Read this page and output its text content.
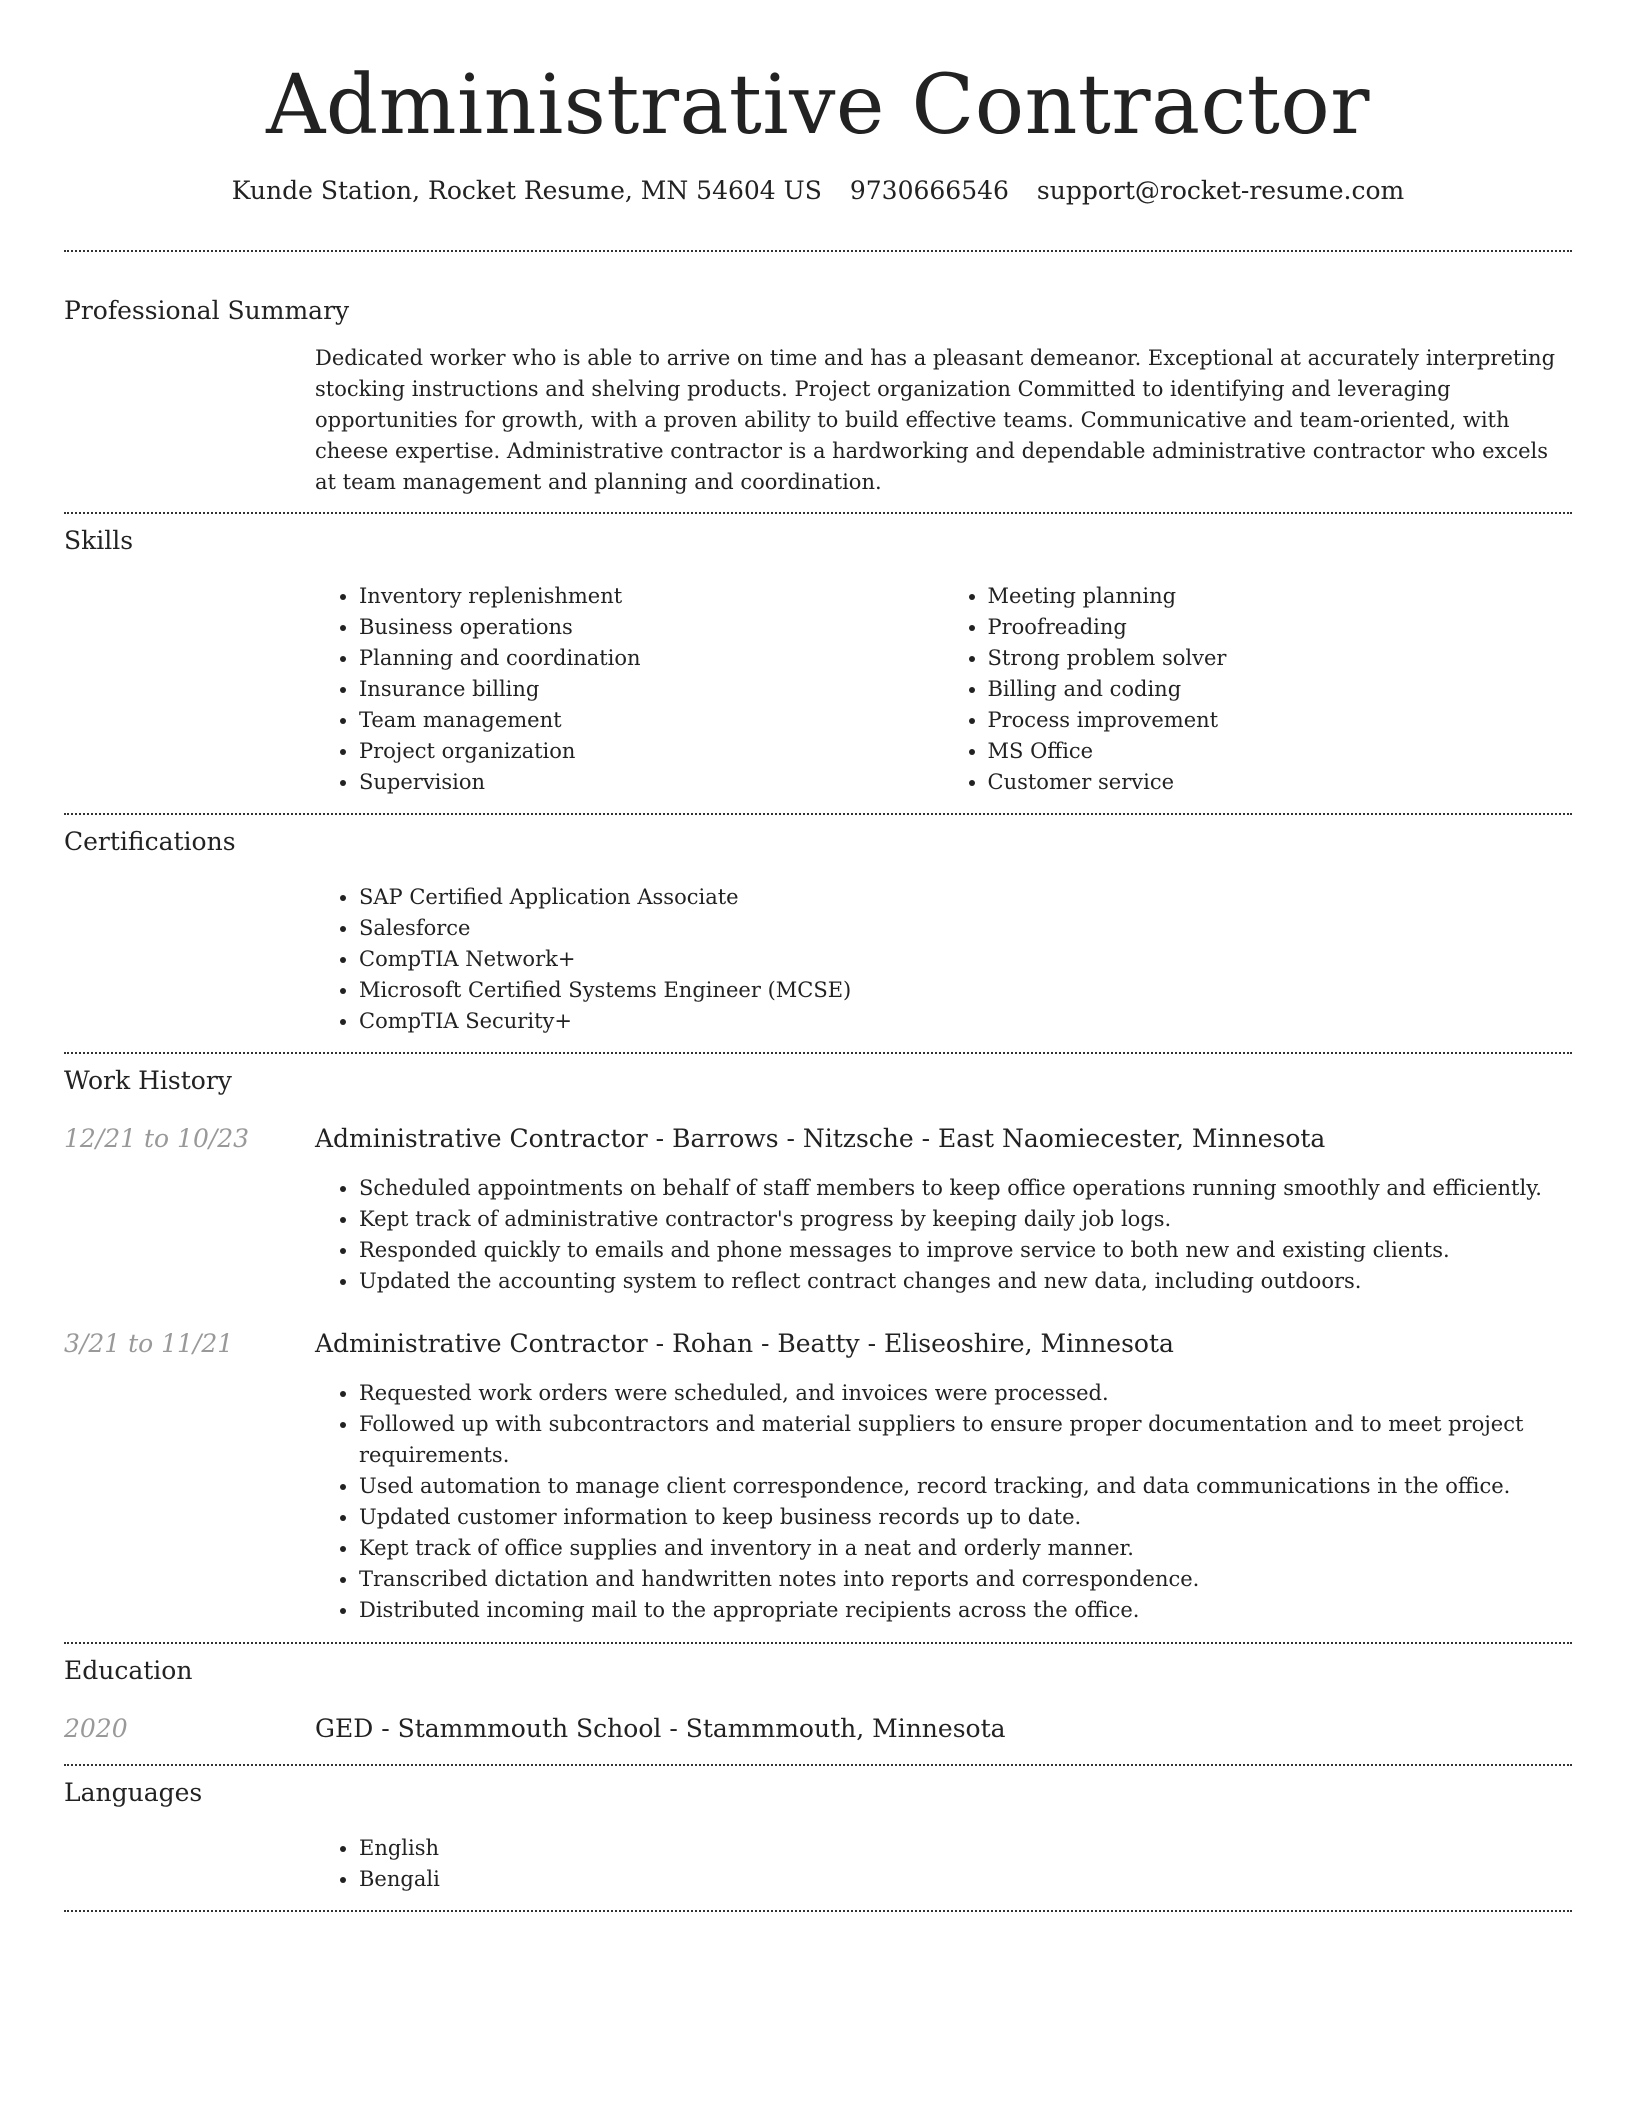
Administrative Contractor
Kunde Station, Rocket Resume, MN 54604 US 9730666546 support@rocket-resume.com
Professional Summary
Dedicated worker who is able to arrive on time and has a pleasant demeanor. Exceptional at accurately interpreting stocking instructions and shelving products. Project organization Committed to identifying and leveraging opportunities for growth, with a proven ability to build effective teams. Communicative and team-oriented, with cheese expertise. Administrative contractor is a hardworking and dependable administrative contractor who excels at team management and planning and coordination.
Skills
• Inventory replenishment
• Business operations
• Planning and coordination
• Insurance billing
• Team management
• Project organization
• Supervision
• Meeting planning
• Proofreading
• Strong problem solver
• Billing and coding
• Process improvement
• MS Office
• Customer service
Certifications
• SAP Certified Application Associate
• Salesforce
• CompTIA Network+
• Microsoft Certified Systems Engineer (MCSE)
• CompTIA Security+
Work History
12/21 to 10/23	Administrative Contractor - Barrows - Nitzsche - East Naomiecester, Minnesota
• Scheduled appointments on behalf of staff members to keep office operations running smoothly and efficiently.
• Kept track of administrative contractor's progress by keeping daily job logs.
• Responded quickly to emails and phone messages to improve service to both new and existing clients.
• Updated the accounting system to reflect contract changes and new data, including outdoors.
3/21 to 11/21	Administrative Contractor - Rohan - Beatty - Eliseoshire, Minnesota
• Requested work orders were scheduled, and invoices were processed.
• Followed up with subcontractors and material suppliers to ensure proper documentation and to meet project requirements.
• Used automation to manage client correspondence, record tracking, and data communications in the office.
• Updated customer information to keep business records up to date.
• Kept track of office supplies and inventory in a neat and orderly manner.
• Transcribed dictation and handwritten notes into reports and correspondence.
• Distributed incoming mail to the appropriate recipients across the office.
Education
2020	GED - Stammmouth School - Stammmouth, Minnesota
Languages
• English
• Bengali
